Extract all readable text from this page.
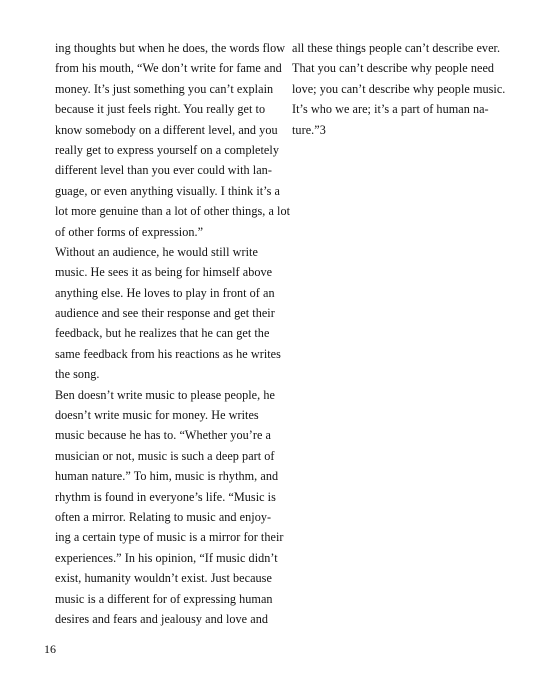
ing thoughts but when he does, the words flow
from his mouth, “We don’t write for fame and
money. It’s just something you can’t explain
because it just feels right. You really get to
know somebody on a different level, and you
really get to express yourself on a completely
different level than you ever could with lan-
guage, or even anything visually. I think it’s a
lot more genuine than a lot of other things, a lot
of other forms of expression.”
Without an audience, he would still write
music. He sees it as being for himself above
anything else. He loves to play in front of an
audience and see their response and get their
feedback, but he realizes that he can get the
same feedback from his reactions as he writes
the song.
Ben doesn’t write music to please people, he
doesn’t write music for money. He writes
music because he has to. “Whether you’re a
musician or not, music is such a deep part of
human nature.” To him, music is rhythm, and
rhythm is found in everyone’s life. “Music is
often a mirror. Relating to music and enjoy-
ing a certain type of music is a mirror for their
experiences.” In his opinion, “If music didn’t
exist, humanity wouldn’t exist. Just because
music is a different for of expressing human
desires and fears and jealousy and love and
all these things people can’t describe ever.
That you can’t describe why people need
love; you can’t describe why people music.
It’s who we are; it’s a part of human na-
ture.”3
16
